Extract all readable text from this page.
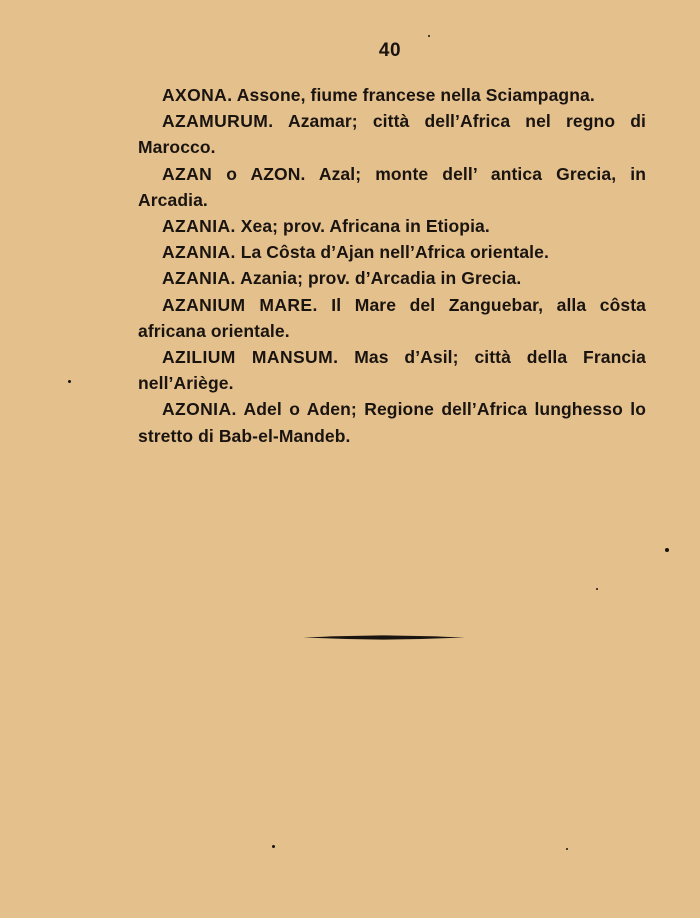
40

AXONA. Assone, fiume francese nella Sciampagna.

AZAMURUM. Azamar; città dell’Africa nel regno di Marocco.

AZAN o AZON. Azal; monte dell’ antica Grecia, in Arcadia.

AZANIA. Xea; prov. Africana in Etiopia.

AZANIA. La Côsta d’Ajan nell’Africa orientale.

AZANIA. Azania; prov. d’Arcadia in Grecia.

AZANIUM MARE. Il Mare del Zanguebar, alla côsta africana orientale.

AZILIUM MANSUM. Mas d’Asil; città della Francia nell’Ariège.

AZONIA. Adel o Aden; Regione dell’Africa lunghesso lo stretto di Bab-el-Mandeb.
